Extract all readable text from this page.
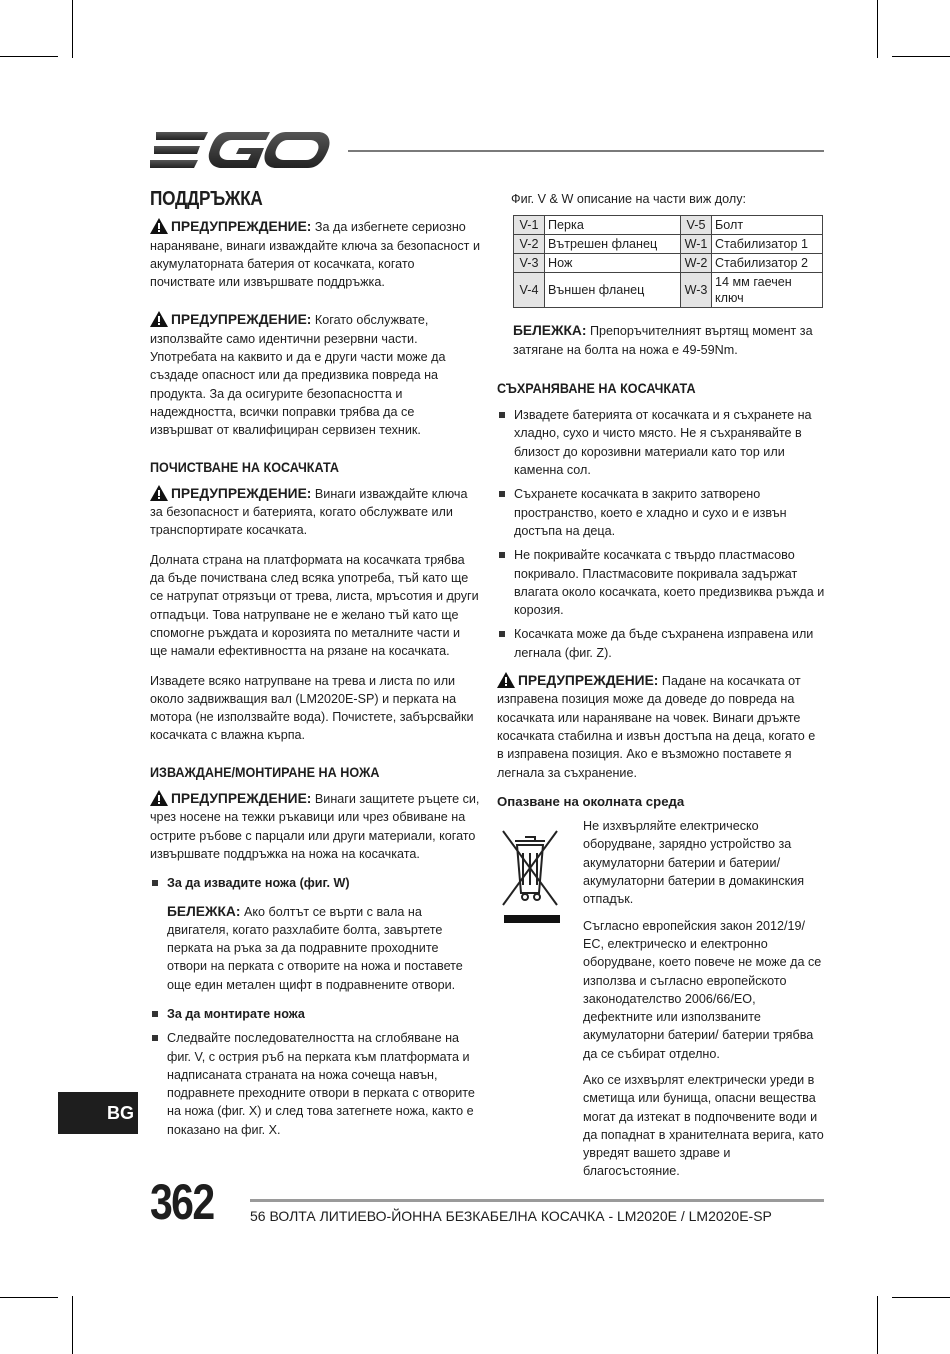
ПОДДРЪЖКА

ПРЕДУПРЕЖДЕНИЕ: За да избегнете сериозно нараняване, винаги изваждайте ключа за безопасност и акумулаторната батерия от косачката, когато почиствате или извършвате поддръжка.

ПРЕДУПРЕЖДЕНИЕ: Когато обслужвате, използвайте само идентични резервни части. Употребата на каквито и да е други части може да създаде опасност или да предизвика повреда на продукта. За да осигурите безопасността и надеждността, всички поправки трябва да се извършват от квалифициран сервизен техник.

ПОЧИСТВАНЕ НА КОСАЧКАТА

ПРЕДУПРЕЖДЕНИЕ: Винаги изваждайте ключа за безопасност и батерията, когато обслужвате или транспортирате косачката.

Долната страна на платформата на косачката трябва да бъде почиствана след всяка употреба, тъй като ще се натрупат отрязъци от трева, листа, мръсотия и други отпадъци. Това натрупване не е желано тъй като ще спомогне ръждата и корозията по металните части и ще намали ефективността на рязане на косачката.

Извадете всяко натрупване на трева и листа по или около задвижващия вал (LM2020E-SP) и перката на мотора (не използвайте вода). Почистете, забърсвайки косачката с влажна кърпа.

ИЗВАЖДАНЕ/МОНТИРАНЕ НА НОЖА

ПРЕДУПРЕЖДЕНИЕ: Винаги защитете ръцете си, чрез носене на тежки ръкавици или чрез обвиване на острите ръбове с парцали или други материали, когато извършвате поддръжка на ножа на косачката.

За да извадите ножа (фиг. W)

БЕЛЕЖКА: Ако болтът се върти с вала на двигателя, когато разхлабите болта, завъртете перката на ръка за да подравните проходните отвори на перката с отворите на ножа и поставете още един метален щифт в подравнените отвори.

За да монтирате ножа
Следвайте последователността на сглобяване на фиг. V, с острия ръб на перката към платформата и надписаната страната на ножа сочеща навън, подравнете преходните отвори в перката с отворите на ножа (фиг. X) и след това затегнете ножа, както е показано на фиг. X.

Фиг. V & W описание на части виж долу:

V-1	Перка	V-5	Болт
V-2	Вътрешен фланец	W-1	Стабилизатор 1
V-3	Нож	W-2	Стабилизатор 2
V-4	Външен фланец	W-3	14 мм гаечен ключ

БЕЛЕЖКА: Препоръчителният въртящ момент за затягане на болта на ножа е 49-59Nm.

СЪХРАНЯВАНЕ НА КОСАЧКАТА
Извадете батерията от косачката и я съхранете на хладно, сухо и чисто място. Не я съхранявайте в близост до корозивни материали като тор или каменна сол.
Съхранете косачката в закрито затворено пространство, което е хладно и сухо и е извън достъпа на деца.
Не покривайте косачката с твърдо пластмасово покривало. Пластмасовите покривала задържат влагата около косачката, което предизвиква ръжда и корозия.
Косачката може да бъде съхранена изправена или легнала (фиг. Z).

ПРЕДУПРЕЖДЕНИЕ: Падане на косачката от изправена позиция може да доведе до повреда на косачката или нараняване на човек. Винаги дръжте косачката стабилна и извън достъпа на деца, когато е в изправена позиция. Ако е възможно поставете я легнала за съхранение.

Опазване на околната среда

Не изхвърляйте електрическо оборудване, зарядно устройство за акумулаторни батерии и батерии/акумулаторни батерии в домакинския отпадък.

Съгласно европейския закон 2012/19/ЕС, електрическо и електронно оборудване, което повече не може да се използва и съгласно европейското законодателство 2006/66/ЕО, дефектните или използваните акумулаторни батерии/ батерии трябва да се събират отделно.

Ако се изхвърлят електрически уреди в сметища или бунища, опасни вещества могат да изтекат в подпочвените води и да попаднат в хранителната верига, като увредят вашето здраве и благосъстояние.

BG
362	56 ВОЛТА ЛИТИЕВО-ЙОННА БЕЗКАБЕЛНА КОСАЧКА - LM2020E / LM2020E-SP
